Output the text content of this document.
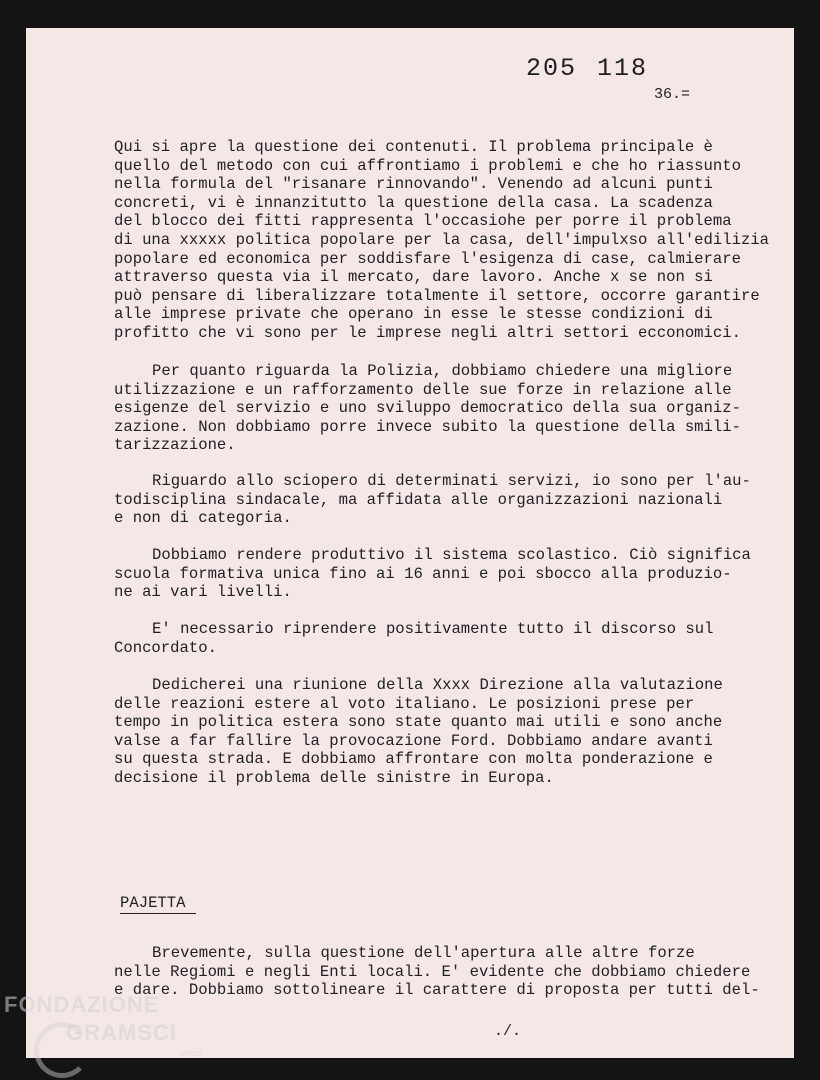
205 118
36.=

Qui si apre la questione dei contenuti. Il problema principale è

quello del metodo con cui affrontiamo i problemi e che ho riassunto

nella formula del "risanare rinnovando". Venendo ad alcuni punti

concreti, vi è innanzitutto la questione della casa. La scadenza

del blocco dei fitti rappresenta l'occasiohe per porre il problema

di una xxxxx politica popolare per la casa, dell'impulxso all'edilizia

popolare ed economica per soddisfare l'esigenza di case, calmierare

attraverso questa via il mercato, dare lavoro. Anche x se non si

può pensare di liberalizzare totalmente il settore, occorre garantire

alle imprese private che operano in esse le stesse condizioni di

profitto che vi sono per le imprese negli altri settori ecconomici.

Per quanto riguarda la Polizia, dobbiamo chiedere una migliore

utilizzazione e un rafforzamento delle sue forze in relazione alle

esigenze del servizio e uno sviluppo democratico della sua organiz-

zazione. Non dobbiamo porre invece subito la questione della smili-

tarizzazione.

Riguardo allo sciopero di determinati servizi, io sono per l'au-

todisciplina sindacale, ma affidata alle organizzazioni nazionali

e non di categoria.

Dobbiamo rendere produttivo il sistema scolastico. Ciò significa

scuola formativa unica fino ai 16 anni e poi sbocco alla produzio-

ne ai vari livelli.

E' necessario riprendere positivamente tutto il discorso sul

Concordato.

Dedicherei una riunione della Xxxx Direzione alla valutazione

delle reazioni estere al voto italiano. Le posizioni prese per

tempo in politica estera sono state quanto mai utili e sono anche

valse a far fallire la provocazione Ford. Dobbiamo andare avanti

su questa strada. E dobbiamo affrontare con molta ponderazione e

decisione il problema delle sinistre in Europa.

PAJETTA

Brevemente, sulla questione dell'apertura alle altre forze

nelle Regiomi e negli Enti locali. E' evidente che dobbiamo chiedere

e dare. Dobbiamo sottolineare il carattere di proposta per tutti del-

./.
FONDAZIONE
GRAMSCI
onlus
